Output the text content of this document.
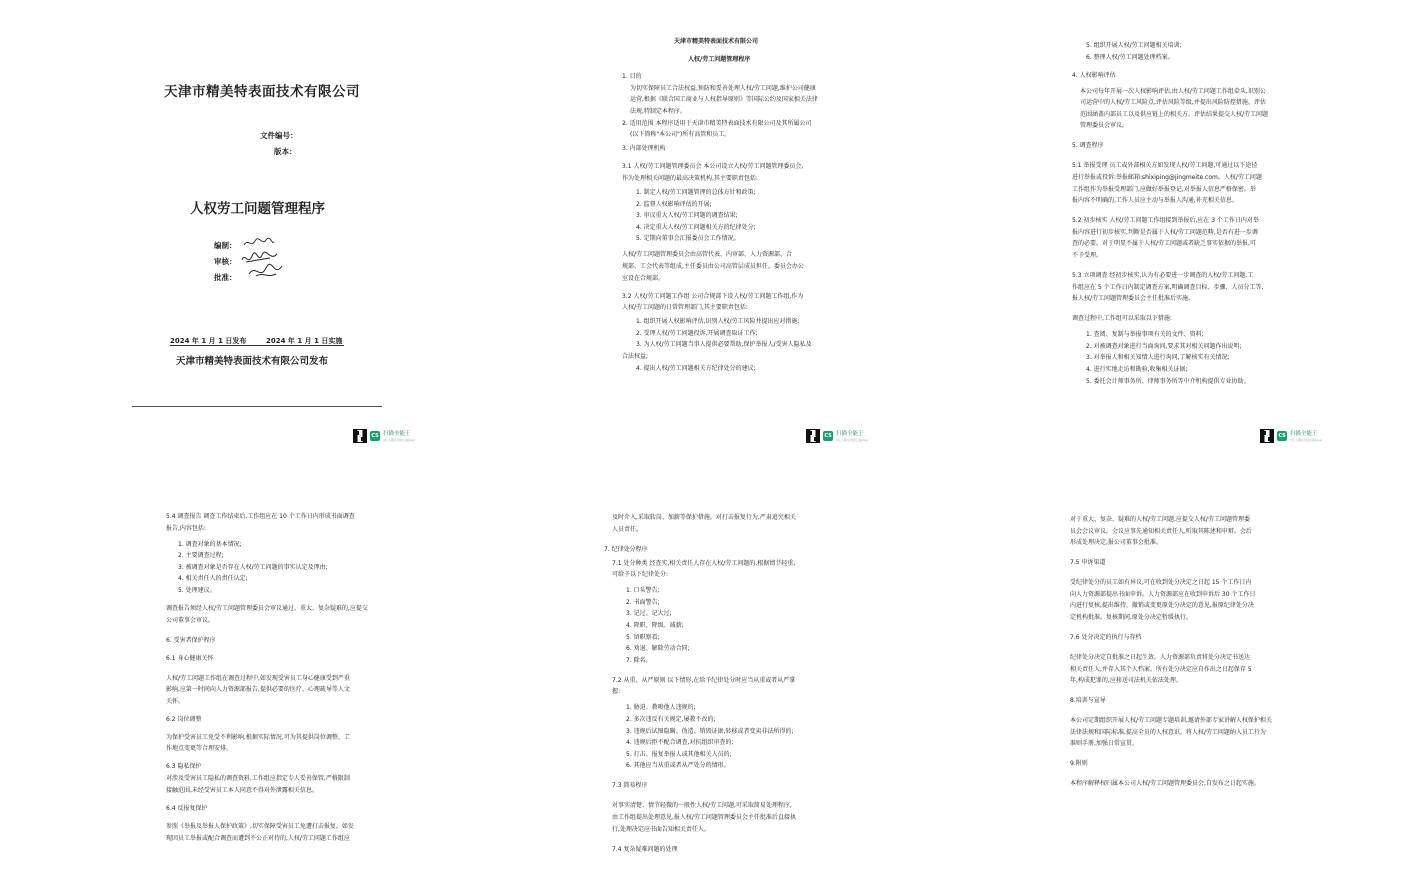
天津市精美特表面技术有限公司
文件编号：
版本：
人权劳工问题管理程序
编制：
审核：
批准：
2024 年 1 月 1 日发布	2024 年 1 月 1 日实施
天津市精美特表面技术有限公司发布
CS 扫描全能王
3亿人都在用的扫描App
天津市精美特表面技术有限公司
人权/劳工问题管理程序
1. 目的
为切实保障员工合法权益,预防和妥善处理人权/劳工问题,维护公司健康
运营,根据《联合国工商业与人权指导原则》等国际公约及国家相关法律
法规,特制定本程序。
2. 适用范围 本程序适用于天津市精美特表面技术有限公司及其所属公司
(以下简称"本公司")所有高管和员工。
3. 内部处理机构
3.1 人权/劳工问题管理委员会 本公司设立人权/劳工问题管理委员会,
作为处理相关问题的最高决策机构,其主要职责包括:
1. 制定人权/劳工问题管理的总体方针和政策;
2. 监督人权影响评估的开展;
3. 审议重大人权/劳工问题的调查结果;
4. 决定重大人权/劳工问题相关方的纪律处分;
5. 定期向董事会汇报委员会工作情况。
人权/劳工问题管理委员会由高管代表、内审部、人力资源部、合
规部、工会代表等组成,主任委员由公司高管层成员担任。委员会办公
室设在合规部。
3.2 人权/劳工问题工作组 公司合规部下设人权/劳工问题工作组,作为
人权/劳工问题的日常管理部门,其主要职责包括:
1. 组织开展人权影响评估,识别人权/劳工风险并提出应对措施;
2. 受理人权/劳工问题投诉,开展调查取证工作;
3. 为人权/劳工问题当事人提供必要帮助,保护举报人/受害人隐私及
合法权益;
4. 提出人权/劳工问题相关方纪律处分的建议;
CS 扫描全能王
3亿人都在用的扫描App
5. 组织开展人权/劳工问题相关培训;
6. 整理人权/劳工问题处理档案。
4. 人权影响评估
本公司每年开展一次人权影响评估,由人权/劳工问题工作组牵头,识别公
司运营中的人权/劳工风险点,评估风险等级,并提出风险防控措施。评估
范围涵盖内部员工以及供应链上的相关方。评估结果提交人权/劳工问题
管理委员会审议。
5. 调查程序
5.1 举报受理 员工或外部相关方如发现人权/劳工问题,可通过以下途径
进行举报或投诉:举报邮箱:shixiping@jingmeite.com。人权/劳工问题
工作组作为举报受理部门,应做好举报登记,对举报人信息严格保密。举
报内容不明确的,工作人员应主动与举报人沟通,补充相关信息。
5.2 初步核实 人权/劳工问题工作组接到举报后,应在 3 个工作日内对举
报内容进行初步核实,判断是否属于人权/劳工问题范畴,是否有进一步调
查的必要。对于明显不属于人权/劳工问题或者缺乏事实依据的举报,可
不予受理。
5.3 立项调查 经初步核实,认为有必要进一步调查的人权/劳工问题,工
作组应在 5 个工作日内制定调查方案,明确调查目标、步骤、人员分工等,
报人权/劳工问题管理委员会主任批准后实施。
调查过程中,工作组可以采取以下措施:
1. 查阅、复制与举报事项有关的文件、资料;
2. 对被调查对象进行当面询问,要求其对相关问题作出说明;
3. 对举报人和相关知情人进行询问,了解核实有关情况;
4. 进行实地走访和勘验,收集相关证据;
5. 委托会计师事务所、律师事务所等中介机构提供专业协助。
CS 扫描全能王
3亿人都在用的扫描App
5.4 调查报告 调查工作结束后,工作组应在 10 个工作日内形成书面调查
报告,内容包括:
1. 调查对象的基本情况;
2. 主要调查过程;
3. 被调查对象是否存在人权/劳工问题的事实认定及理由;
4. 相关责任人的责任认定;
5. 处理建议。
调查报告须经人权/劳工问题管理委员会审议通过。重大、复杂疑难的,应提交
公司董事会审议。
6. 受害者保护程序
6.1 身心健康关怀
人权/劳工问题工作组在调查过程中,如发现受害员工身心健康受到严重
影响,应第一时间向人力资源部报告,提供必要的医疗、心理疏导等人文
关怀。
6.2 岗位调整
为保护受害员工免受不利影响,根据实际情况,可为其提供岗位调整、工
作地点变更等合理安排。
6.3 隐私保护
对涉及受害员工隐私的调查资料,工作组应指定专人妥善保管,严格限制
接触范围,未经受害员工本人同意不得对外泄露相关信息。
6.4 反报复保护
参照《举报及举报人保护政策》,切实保障受害员工免遭打击报复。如发
现因员工举报或配合调查而遭到不公正对待的,人权/劳工问题工作组应
及时介入,采取转岗、加薪等保护措施。对打击报复行为,严肃追究相关
人员责任。
7. 纪律处分程序
7.1 处分种类 经查实,相关责任人存在人权/劳工问题的,根据情节轻重,
可给予以下纪律处分:
1. 口头警告;
2. 书面警告;
3. 记过、记大过;
4. 降职、降级、减薪;
5. 留职察看;
6. 劝退、解除劳动合同;
7. 除名。
7.2 从重、从严原则 以下情形,在给予纪律处分时应当从重或者从严掌
握:
1. 胁迫、教唆他人违规的;
2. 多次违反有关规定,屡教不改的;
3. 违规后试图隐瞒、伪造、销毁证据,转移或者变卖非法所得的;
4. 违规后拒不配合调查,对抗组织审查的;
5. 打击、报复举报人或其他相关人员的;
6. 其他应当从重或者从严处分的情形。
7.3 简易程序
对事实清楚、情节轻微的一般性人权/劳工问题,可采取简易处理程序,
由工作组提出处理意见,报人权/劳工问题管理委员会主任批准后直接执
行,处理决定应书面告知相关责任人。
7.4 复杂疑难问题的处理
对于重大、复杂、疑难的人权/劳工问题,应提交人权/劳工问题管理委
员会会议审议。会议应事先通知相关责任人,听取其陈述和申辩。会后
形成处理决定,报公司董事会批准。
7.5 申诉渠道
受纪律处分的员工如有异议,可在收到处分决定之日起 15 个工作日内
向人力资源部提出书面申诉。人力资源部应在收到申诉后 30 个工作日
内进行复核,提出维持、撤销或变更原处分决定的意见,报原纪律处分决
定机构批准。复核期间,原处分决定暂缓执行。
7.6 处分决定的执行与存档
纪律处分决定自批准之日起生效。人力资源部负责将处分决定书送达
相关责任人,并存入其个人档案。所有处分决定应自作出之日起保存 5
年,构成犯罪的,应移送司法机关依法处理。
8.培训与宣导
本公司定期组织开展人权/劳工问题专题培训,邀请外部专家讲解人权保护相关
法律法规和国际标准,提高全员的人权意识。将人权/劳工问题纳入员工行为
准则手册,加强日常宣贯。
9.附则
本程序解释权归属本公司人权/劳工问题管理委员会,自发布之日起实施。
